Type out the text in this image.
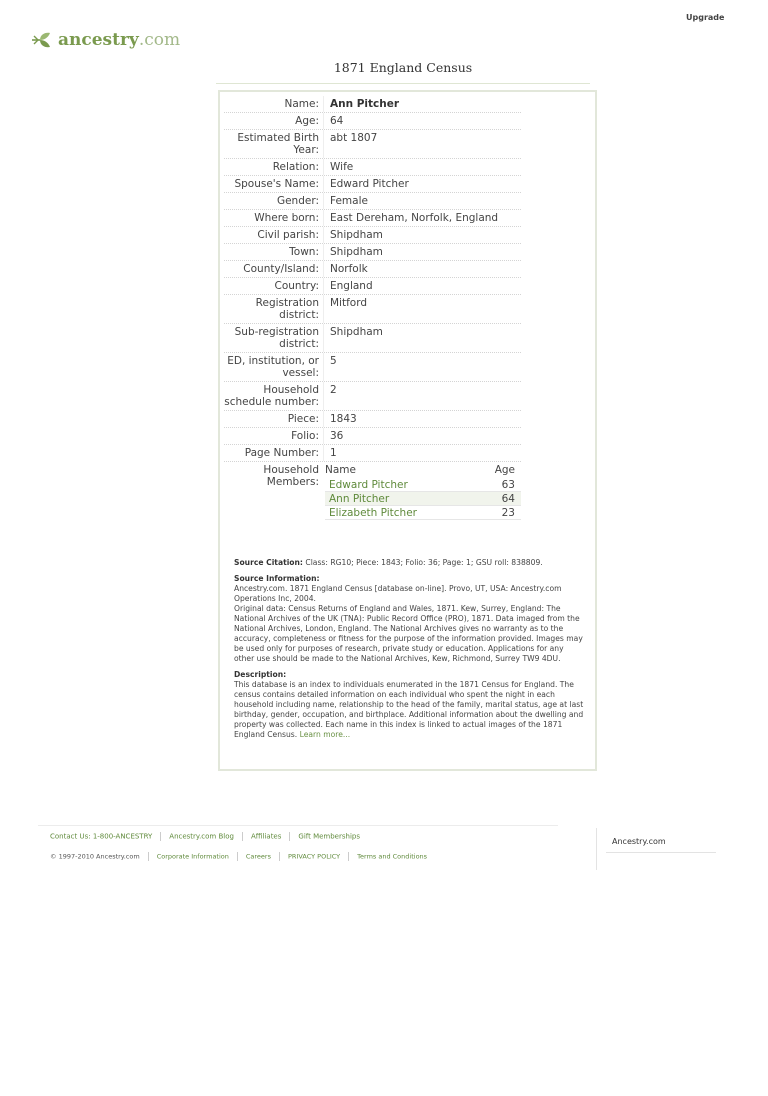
Upgrade
ancestry.com
1871 England Census
Name:	Ann Pitcher
Age:	64
Estimated Birth Year:
abt 1807
Relation:	Wife
Spouse's Name:	Edward Pitcher
Gender:	Female
Where born:	East Dereham, Norfolk, England
Civil parish:	Shipdham
Town:	Shipdham
County/Island:	Norfolk
Country:	England
Registration district:
Mitford
Sub-registration district:
Shipdham
ED, institution, or vessel:
5
Household schedule number:
2
Piece:	1843
Folio:	36
Page Number:	1
Household Members:
Name	Age
Edward Pitcher	63
Ann Pitcher	64
Elizabeth Pitcher	23
Source Citation: Class: RG10; Piece: 1843; Folio: 36; Page: 1; GSU roll: 838809.
Source Information:
Ancestry.com. 1871 England Census [database on-line]. Provo, UT, USA: Ancestry.com Operations Inc, 2004.
Original data: Census Returns of England and Wales, 1871. Kew, Surrey, England: The National Archives of the UK (TNA): Public Record Office (PRO), 1871. Data imaged from the National Archives, London, England. The National Archives gives no warranty as to the accuracy, completeness or fitness for the purpose of the information provided. Images may be used only for purposes of research, private study or education. Applications for any other use should be made to the National Archives, Kew, Richmond, Surrey TW9 4DU.
Description:
This database is an index to individuals enumerated in the 1871 Census for England. The census contains detailed information on each individual who spent the night in each household including name, relationship to the head of the family, marital status, age at last birthday, gender, occupation, and birthplace. Additional information about the dwelling and property was collected. Each name in this index is linked to actual images of the 1871 England Census. Learn more...
Contact Us: 1-800-ANCESTRY Ancestry.com Blog Affiliates Gift Memberships
© 1997-2010 Ancestry.com	Corporate Information	Careers	PRIVACY POLICY	Terms and Conditions
Ancestry.com
